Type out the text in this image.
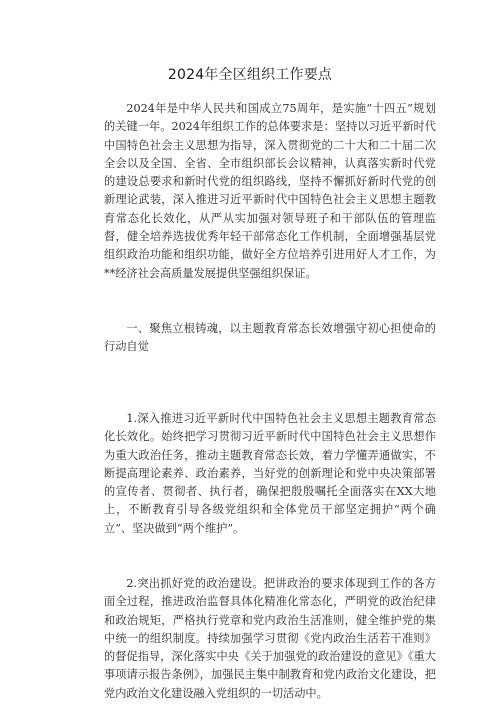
2024年全区组织工作要点

2024年是中华人民共和国成立75周年，是实施“十四五”规划的关键一年。2024年组织工作的总体要求是：坚持以习近平新时代中国特色社会主义思想为指导，深入贯彻党的二十大和二十届二次全会以及全国、全省、全市组织部长会议精神，认真落实新时代党的建设总要求和新时代党的组织路线，坚持不懈抓好新时代党的创新理论武装，深入推进习近平新时代中国特色社会主义思想主题教育常态化长效化，从严从实加强对领导班子和干部队伍的管理监督，健全培养选拔优秀年轻干部常态化工作机制，全面增强基层党组织政治功能和组织功能，做好全方位培养引进用好人才工作，为**经济社会高质量发展提供坚强组织保证。

一、聚焦立根铸魂，以主题教育常态长效增强守初心担使命的行动自觉

1.深入推进习近平新时代中国特色社会主义思想主题教育常态化长效化。始终把学习贯彻习近平新时代中国特色社会主义思想作为重大政治任务，推动主题教育常态长效，着力学懂弄通做实，不断提高理论素养、政治素养，当好党的创新理论和党中央决策部署的宣传者、贯彻者、执行者，确保把殷殷嘱托全面落实在XX大地上，不断教育引导各级党组织和全体党员干部坚定拥护“两个确立”、坚决做到“两个维护”。

2.突出抓好党的政治建设。把讲政治的要求体现到工作的各方面全过程，推进政治监督具体化精准化常态化，严明党的政治纪律和政治规矩，严格执行党章和党内政治生活准则，健全维护党的集中统一的组织制度。持续加强学习贯彻《党内政治生活若干准则》的督促指导，深化落实中央《关于加强党的政治建设的意见》《重大事项请示报告条例》，加强民主集中制教育和党内政治文化建设，把党内政治文化建设融入党组织的一切活动中。
